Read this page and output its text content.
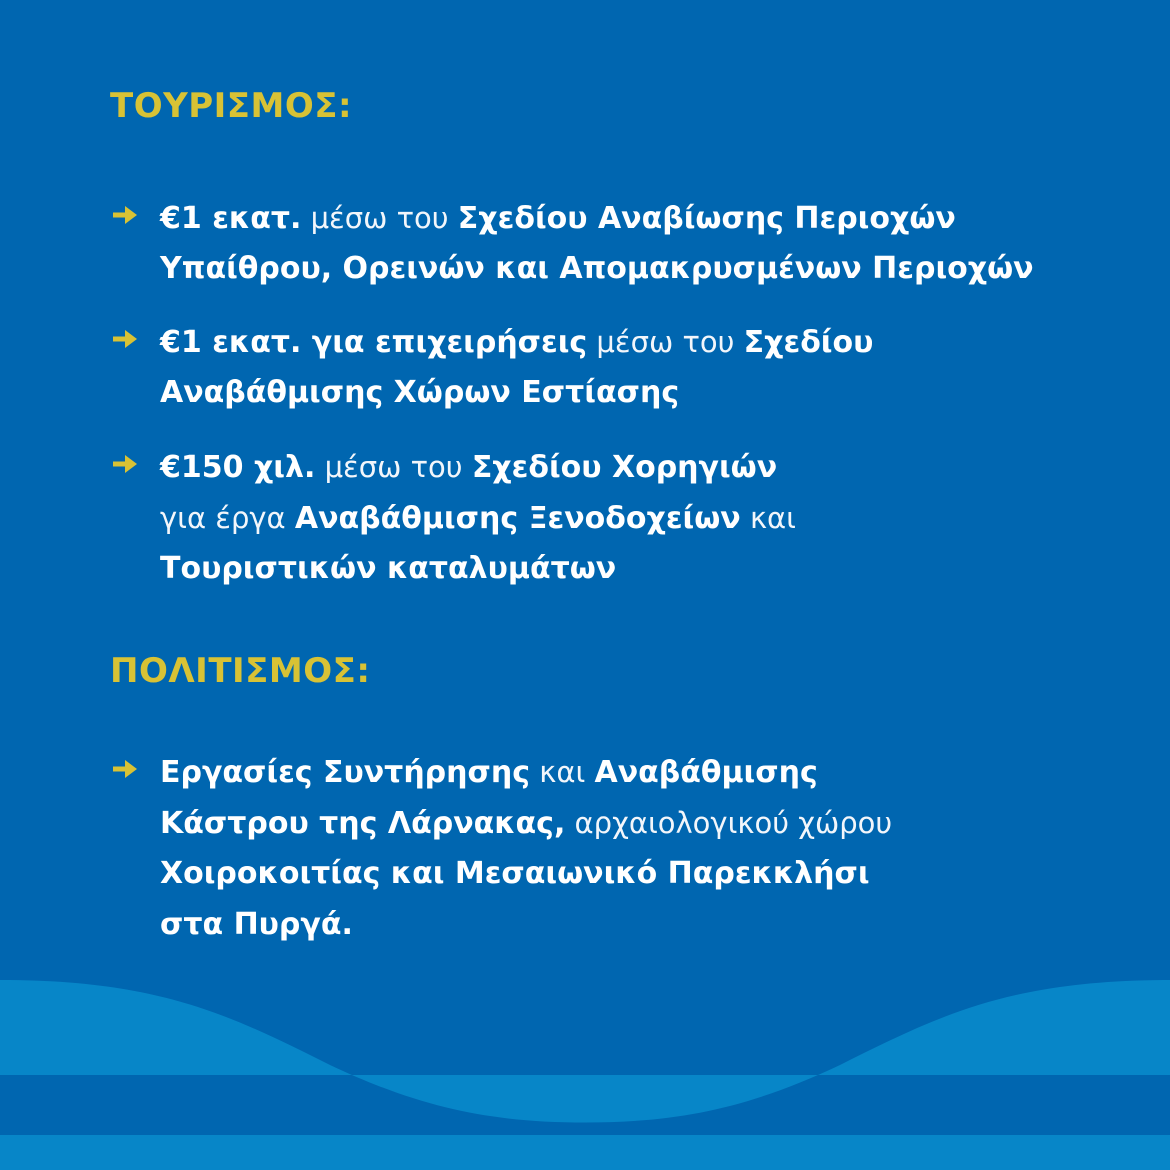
ΤΟΥΡΙΣΜΟΣ:
€1 εκατ. μέσω του Σχεδίου Αναβίωσης Περιοχών
Υπαίθρου, Ορεινών και Απομακρυσμένων Περιοχών
€1 εκατ. για επιχειρήσεις μέσω του Σχεδίου
Αναβάθμισης Χώρων Εστίασης
€150 χιλ. μέσω του Σχεδίου Χορηγιών
για έργα Αναβάθμισης Ξενοδοχείων και
Τουριστικών καταλυμάτων
ΠΟΛΙΤΙΣΜΟΣ:
Εργασίες Συντήρησης και Αναβάθμισης
Κάστρου της Λάρνακας, αρχαιολογικού χώρου
Χοιροκοιτίας και Μεσαιωνικό Παρεκκλήσι
στα Πυργά.
